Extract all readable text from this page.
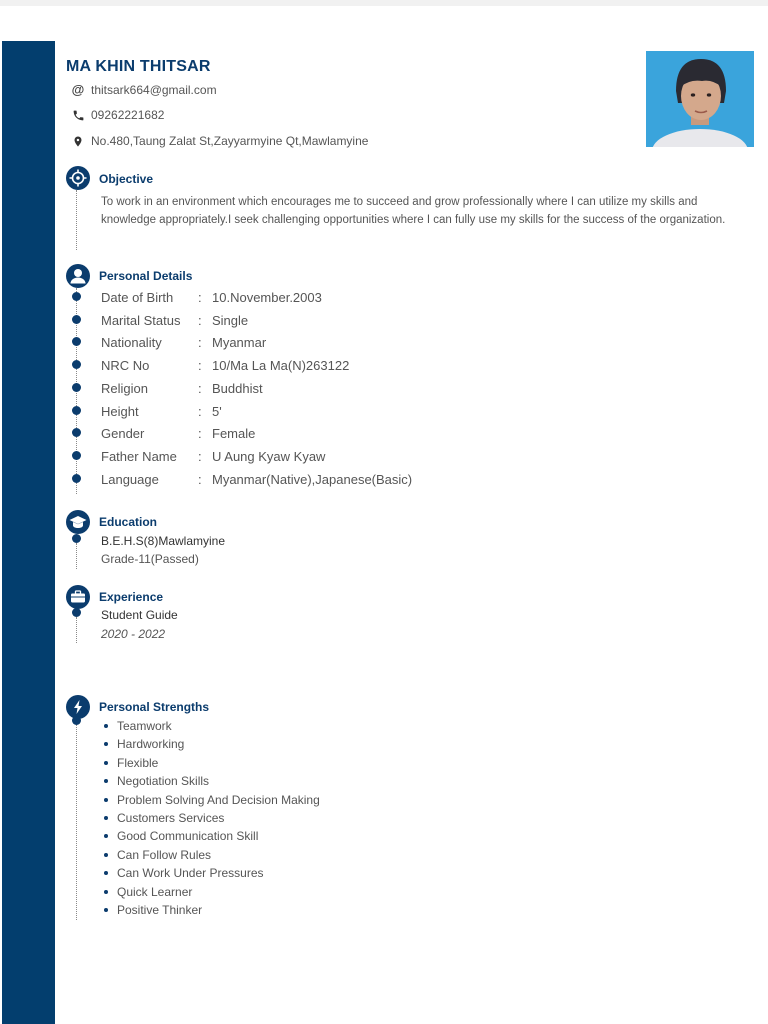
MA KHIN THITSAR
@ thitsark664@gmail.com
09262221682
No.480,Taung Zalat St,Zayyarmyine Qt,Mawlamyine
Objective
To work in an environment which encourages me to succeed and grow professionally where I can utilize my skills and knowledge appropriately.I seek challenging opportunities where I can fully use my skills for the success of the organization.
Personal Details
Date of Birth	: 10.November.2003
Marital Status	: Single
Nationality	: Myanmar
NRC No	: 10/Ma La Ma(N)263122
Religion	: Buddhist
Height	: 5'
Gender	: Female
Father Name	: U Aung Kyaw Kyaw
Language	: Myanmar(Native),Japanese(Basic)
Education
B.E.H.S(8)Mawlamyine
Grade-11(Passed)
Experience
Student Guide
2020 - 2022
Personal Strengths
Teamwork
Hardworking
Flexible
Negotiation Skills
Problem Solving And Decision Making
Customers Services
Good Communication Skill
Can Follow Rules
Can Work Under Pressures
Quick Learner
Positive Thinker
